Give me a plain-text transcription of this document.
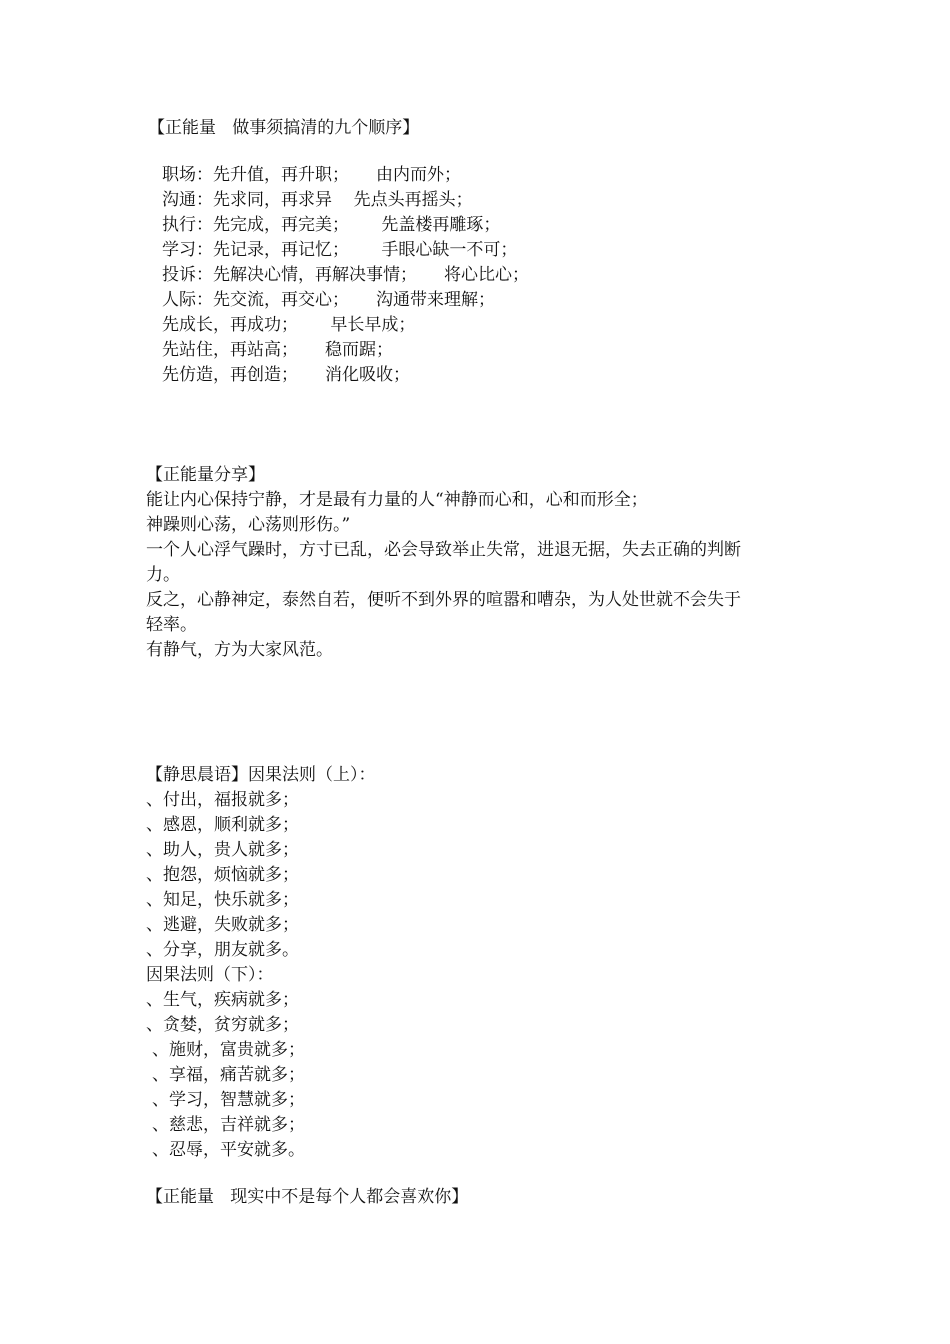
【正能量   做事须搞清的九个顺序】
职场：先升值，再升职；     由内而外；
沟通：先求同，再求异    先点头再摇头；
执行：先完成，再完美；      先盖楼再雕琢；
学习：先记录，再记忆；      手眼心缺一不可；
投诉：先解决心情，再解决事情；     将心比心；
人际：先交流，再交心；     沟通带来理解；
先成长，再成功；      早长早成；
先站住，再站高；     稳而踞；
先仿造，再创造；     消化吸收；
【正能量分享】
能让内心保持宁静，才是最有力量的人“神静而心和，心和而形全；
神躁则心荡，心荡则形伤。”
一个人心浮气躁时，方寸已乱，必会导致举止失常，进退无据，失去正确的判断
力。
反之，心静神定，泰然自若，便听不到外界的喧嚣和嘈杂，为人处世就不会失于
轻率。
有静气，方为大家风范。
【静思晨语】因果法则（上）：
、付出，福报就多；
、感恩，顺利就多；
、助人，贵人就多；
、抱怨，烦恼就多；
、知足，快乐就多；
、逃避，失败就多；
、分享，朋友就多。
因果法则（下）：
、生气，疾病就多；
、贪婪，贫穷就多；
、施财，富贵就多；
、享福，痛苦就多；
、学习，智慧就多；
、慈悲，吉祥就多；
、忍辱，平安就多。
【正能量   现实中不是每个人都会喜欢你】
